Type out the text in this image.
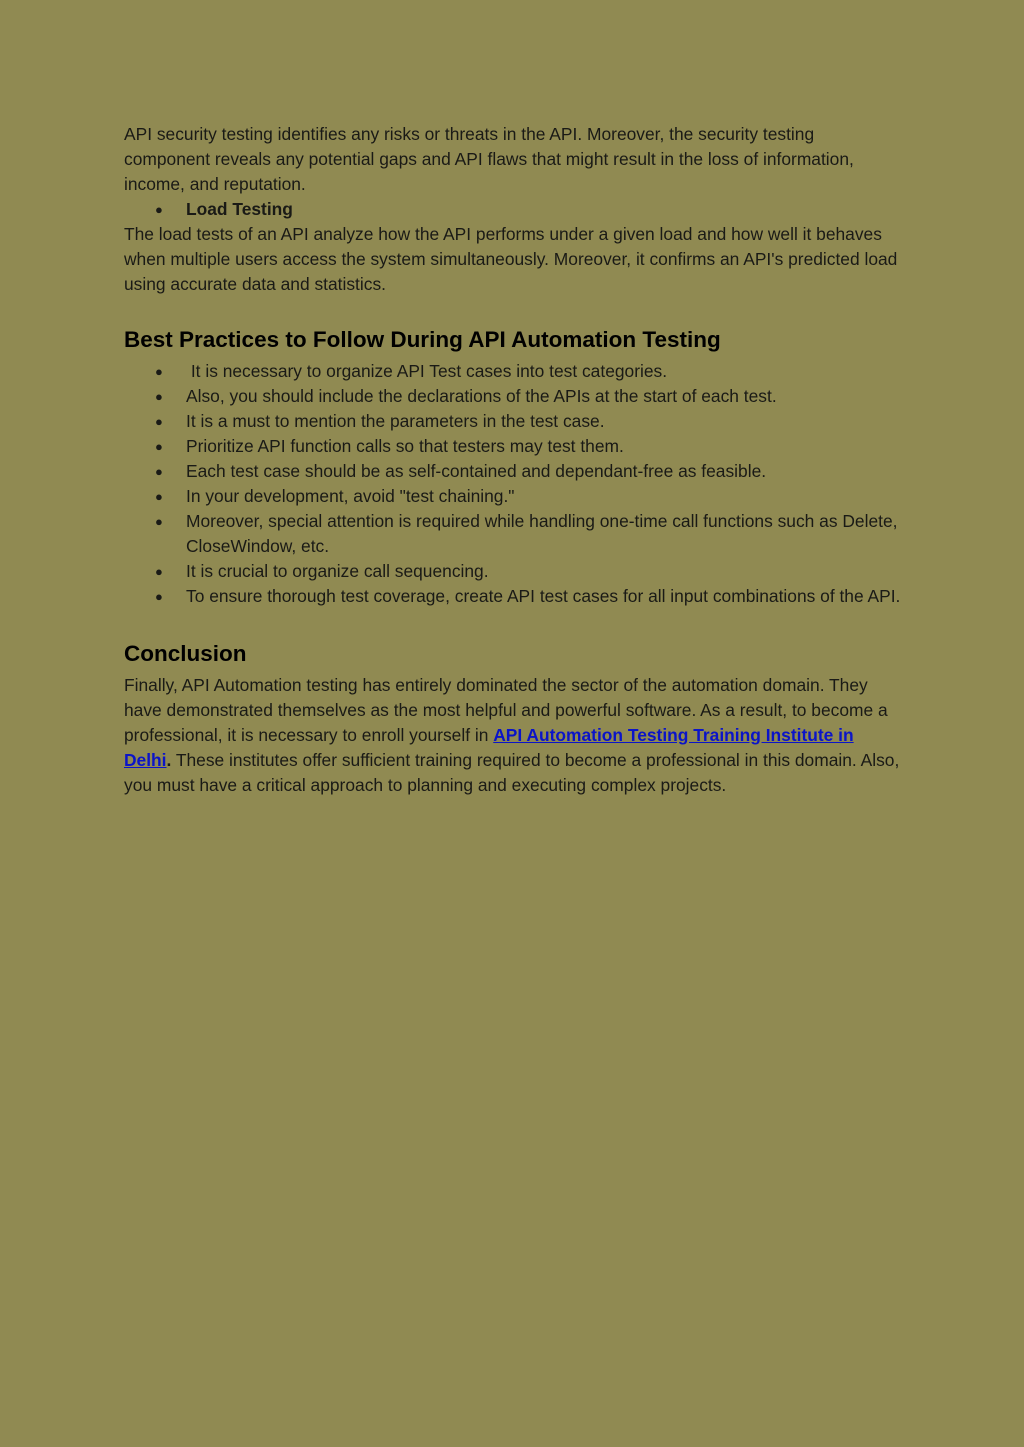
API security testing identifies any risks or threats in the API. Moreover, the security testing component reveals any potential gaps and API flaws that might result in the loss of information, income, and reputation.

● Load Testing

The load tests of an API analyze how the API performs under a given load and how well it behaves when multiple users access the system simultaneously. Moreover, it confirms an API's predicted load using accurate data and statistics.

Best Practices to Follow During API Automation Testing
● It is necessary to organize API Test cases into test categories.
● Also, you should include the declarations of the APIs at the start of each test.
● It is a must to mention the parameters in the test case.
● Prioritize API function calls so that testers may test them.
● Each test case should be as self-contained and dependant-free as feasible.
● In your development, avoid "test chaining."
● Moreover, special attention is required while handling one-time call functions such as Delete, CloseWindow, etc.
● It is crucial to organize call sequencing.
● To ensure thorough test coverage, create API test cases for all input combinations of the API.
Conclusion

Finally, API Automation testing has entirely dominated the sector of the automation domain. They have demonstrated themselves as the most helpful and powerful software. As a result, to become a professional, it is necessary to enroll yourself in API Automation Testing Training Institute in Delhi. These institutes offer sufficient training required to become a professional in this domain. Also, you must have a critical approach to planning and executing complex projects.
